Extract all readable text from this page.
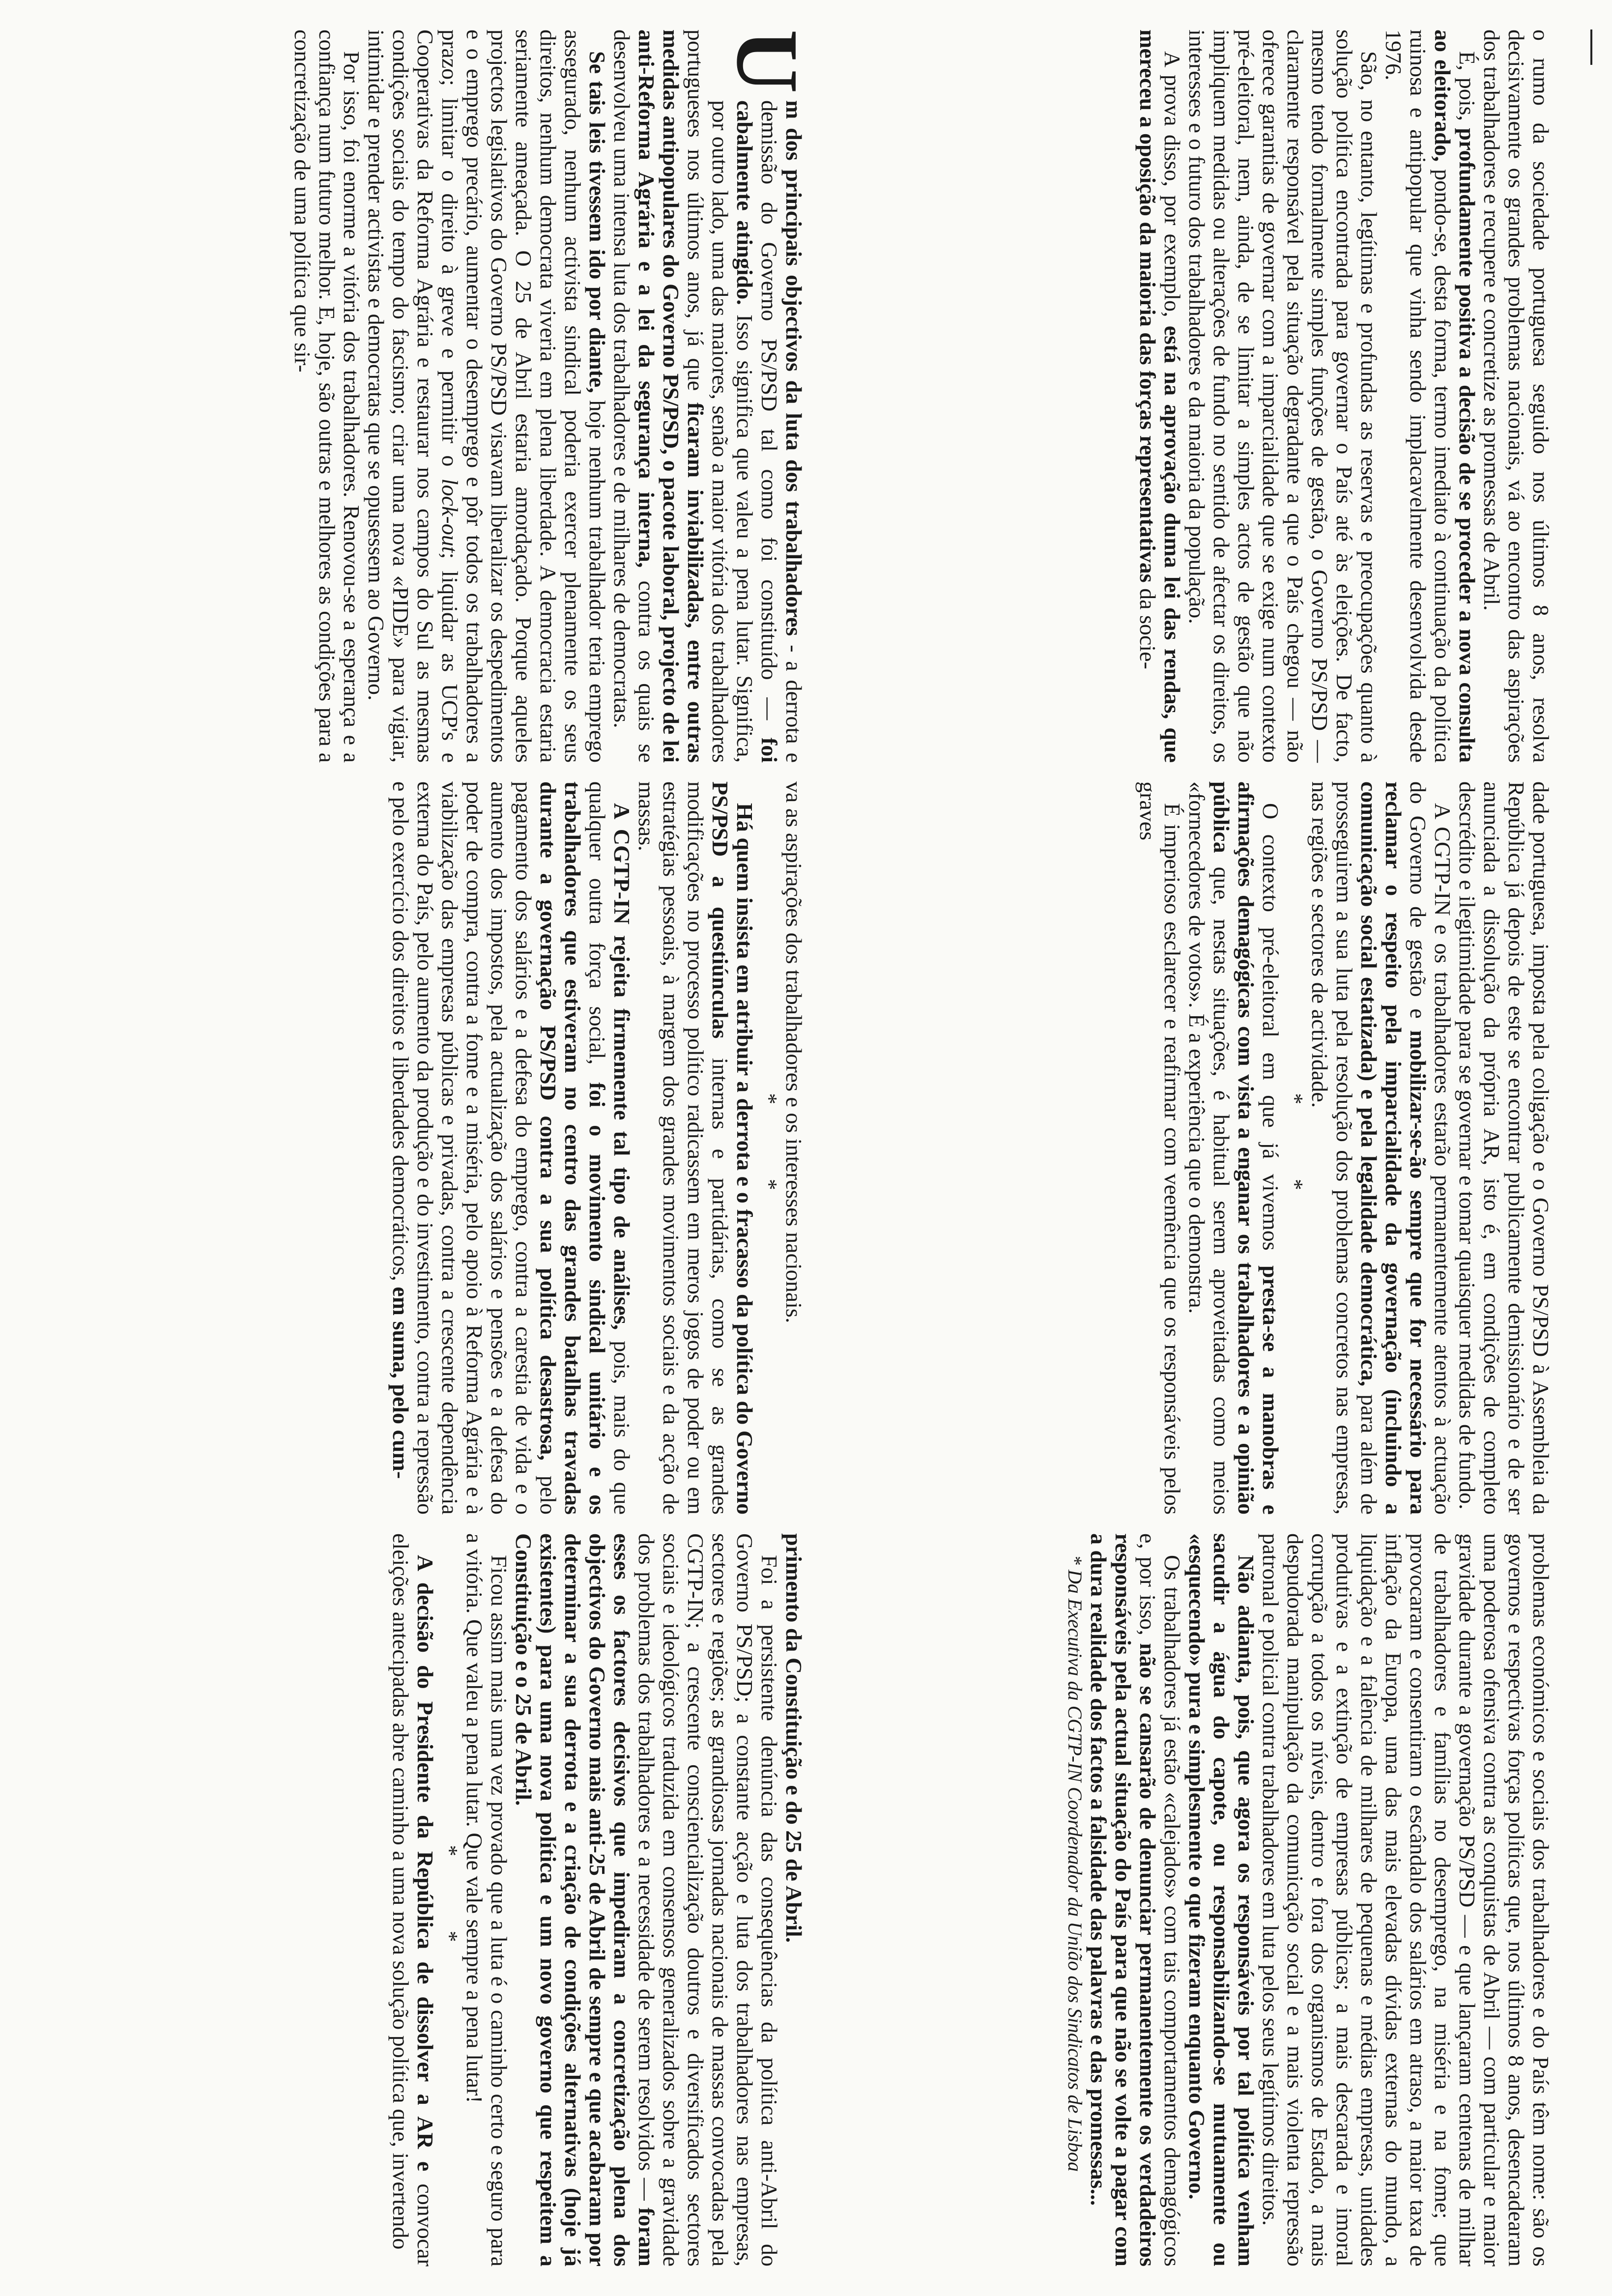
o rumo da sociedade portuguesa seguido nos últimos 8 anos, resolva decisivamente os grandes problemas nacionais, vá ao encontro das aspirações dos trabalhadores e recupere e concretize as promessas de Abril.

É, pois, profundamente positiva a decisão de se proceder a nova consulta ao eleitorado, pondo-se, desta forma, termo imediato à continuação da política ruinosa e antipopular que vinha sendo implacavelmente desenvolvida desde 1976.

São, no entanto, legítimas e profundas as reservas e preocupações quanto à solução política encontrada para governar o País até às eleições. De facto, mesmo tendo formalmente simples funções de gestão, o Governo PS/PSD — claramente responsável pela situação degradante a que o País chegou — não oferece garantias de governar com a imparcialidade que se exige num contexto pré-eleitoral, nem, ainda, de se limitar a simples actos de gestão que não impliquem medidas ou alterações de fundo no sentido de afectar os direitos, os interesses e o futuro dos trabalhadores e da maioria da população.

A prova disso, por exemplo, está na aprovação duma lei das rendas, que mereceu a oposição da maioria das forças representativas da socie-

dade portuguesa, imposta pela coligação e o Governo PS/PSD à Assembleia da República já depois de este se encontrar publicamente demissionário e de ser anunciada a dissolução da própria AR, isto é, em condições de completo descrédito e ilegitimidade para se governar e tomar quaisquer medidas de fundo.

A CGTP-IN e os trabalhadores estarão permanentemente atentos à actuação do Governo de gestão e mobilizar-se-ão sempre que for necessário para reclamar o respeito pela imparcialidade da governação (incluindo a comunicação social estatizada) e pela legalidade democrática, para além de prosseguirem a sua luta pela resolução dos problemas concretos nas empresas, nas regiões e sectores de actividade.

* *

O contexto pré-eleitoral em que já vivemos presta-se a manobras e afirmações demagógicas com vista a enganar os trabalhadores e a opinião pública que, nestas situações, é habitual serem aproveitadas como meios «fornecedores de votos». É a experiência que o demonstra.

É imperioso esclarecer e reafirmar com veemência que os responsáveis pelos graves

problemas económicos e sociais dos trabalhadores e do País têm nome: são os governos e respectivas forças políticas que, nos últimos 8 anos, desencadearam uma poderosa ofensiva contra as conquistas de Abril — com particular e maior gravidade durante a governação PS/PSD — e que lançaram centenas de milhar de trabalhadores e famílias no desemprego, na miséria e na fome; que provocaram e consentiram o escândalo dos salários em atraso, a maior taxa de inflação da Europa, uma das mais elevadas dívidas externas do mundo, a liquidação e a falência de milhares de pequenas e médias empresas, unidades produtivas e a extinção de empresas públicas; a mais descarada e imoral corrupção a todos os níveis, dentro e fora dos organismos de Estado, a mais despudorada manipulação da comunicação social e a mais violenta repressão patronal e policial contra trabalhadores em luta pelos seus legítimos direitos.

Não adianta, pois, que agora os responsáveis por tal política venham sacudir a água do capote, ou responsabilizando-se mutuamente ou «esquecendo» pura e simplesmente o que fizeram enquanto Governo.

Os trabalhadores já estão «calejados» com tais comportamentos demagógicos e, por isso, não se cansarão de denunciar permanentemente os verdadeiros responsáveis pela actual situação do País para que não se volte a pagar com a dura realidade dos factos a falsidade das palavras e das promessas...

* Da Executiva da CGTP-IN Coordenador da União dos Sindicatos de Lisboa

U
m dos principais objectivos da luta dos trabalhadores - a derrota e demissão do Governo PS/PSD tal como foi constituído — foi cabalmente atingido. Isso significa que valeu a pena lutar. Significa, por outro lado, uma das maiores, senão a maior vitória dos trabalhadores portugueses nos últimos anos, já que ficaram inviabilizadas, entre outras medidas antipopulares do Governo PS/PSD, o pacote laboral, projecto de lei anti-Reforma Agrária e a lei da segurança interna, contra os quais se desenvolveu uma intensa luta dos trabalhadores e de milhares de democratas.

Se tais leis tivessem ido por diante, hoje nenhum trabalhador teria emprego assegurado, nenhum activista sindical poderia exercer plenamente os seus direitos, nenhum democrata viveria em plena liberdade. A democracia estaria seriamente ameaçada. O 25 de Abril estaria amordaçado. Porque aqueles projectos legislativos do Governo PS/PSD visavam liberalizar os despedimentos e o emprego precário, aumentar o desemprego e pôr todos os trabalhadores a prazo; limitar o direito à greve e permitir o lock-out; liquidar as UCP's e Cooperativas da Reforma Agrária e restaurar nos campos do Sul as mesmas condições sociais do tempo do fascismo; criar uma nova «PIDE» para vigiar, intimidar e prender activistas e democratas que se opusessem ao Governo.

Por isso, foi enorme a vitória dos trabalhadores. Renovou-se a esperança e a confiança num futuro melhor. E, hoje, são outras e melhores as condições para a concretização de uma política que sir-

va as aspirações dos trabalhadores e os interesses nacionais.

* *

Há quem insista em atribuir a derrota e o fracasso da política do Governo PS/PSD a questiúnculas internas e partidárias, como se as grandes modificações no processo político radicassem em meros jogos de poder ou em estratégias pessoais, à margem dos grandes movimentos sociais e da acção de massas.

A CGTP-IN rejeita firmemente tal tipo de análises, pois, mais do que qualquer outra força social, foi o movimento sindical unitário e os trabalhadores que estiveram no centro das grandes batalhas travadas durante a governação PS/PSD contra a sua política desastrosa, pelo pagamento dos salários e a defesa do emprego, contra a carestia de vida e o aumento dos impostos, pela actualização dos salários e pensões e a defesa do poder de compra, contra a fome e a miséria, pelo apoio à Reforma Agrária e à viabilização das empresas públicas e privadas, contra a crescente dependência externa do País, pelo aumento da produção e do investimento, contra a repressão e pelo exercício dos direitos e liberdades democráticos, em suma, pelo cum-

primento da Constituição e do 25 de Abril.

Foi a persistente denúncia das consequências da política anti-Abril do Governo PS/PSD; a constante acção e luta dos trabalhadores nas empresas, sectores e regiões; as grandiosas jornadas nacionais de massas convocadas pela CGTP-IN; a crescente consciencialização doutros e diversificados sectores sociais e ideológicos traduzida em consensos generalizados sobre a gravidade dos problemas dos trabalhadores e a necessidade de serem resolvidos — foram esses os factores decisivos que impediram a concretização plena dos objectivos do Governo mais anti-25 de Abril de sempre e que acabaram por determinar a sua derrota e a criação de condições alternativas (hoje já existentes) para uma nova política e um novo governo que respeitem a Constituição e o 25 de Abril.

Ficou assim mais uma vez provado que a luta é o caminho certo e seguro para a vitória. Que valeu a pena lutar. Que vale sempre a pena lutar!

* *

A decisão do Presidente da República de dissolver a AR e convocar eleições antecipadas abre caminho a uma nova solução política que, invertendo
